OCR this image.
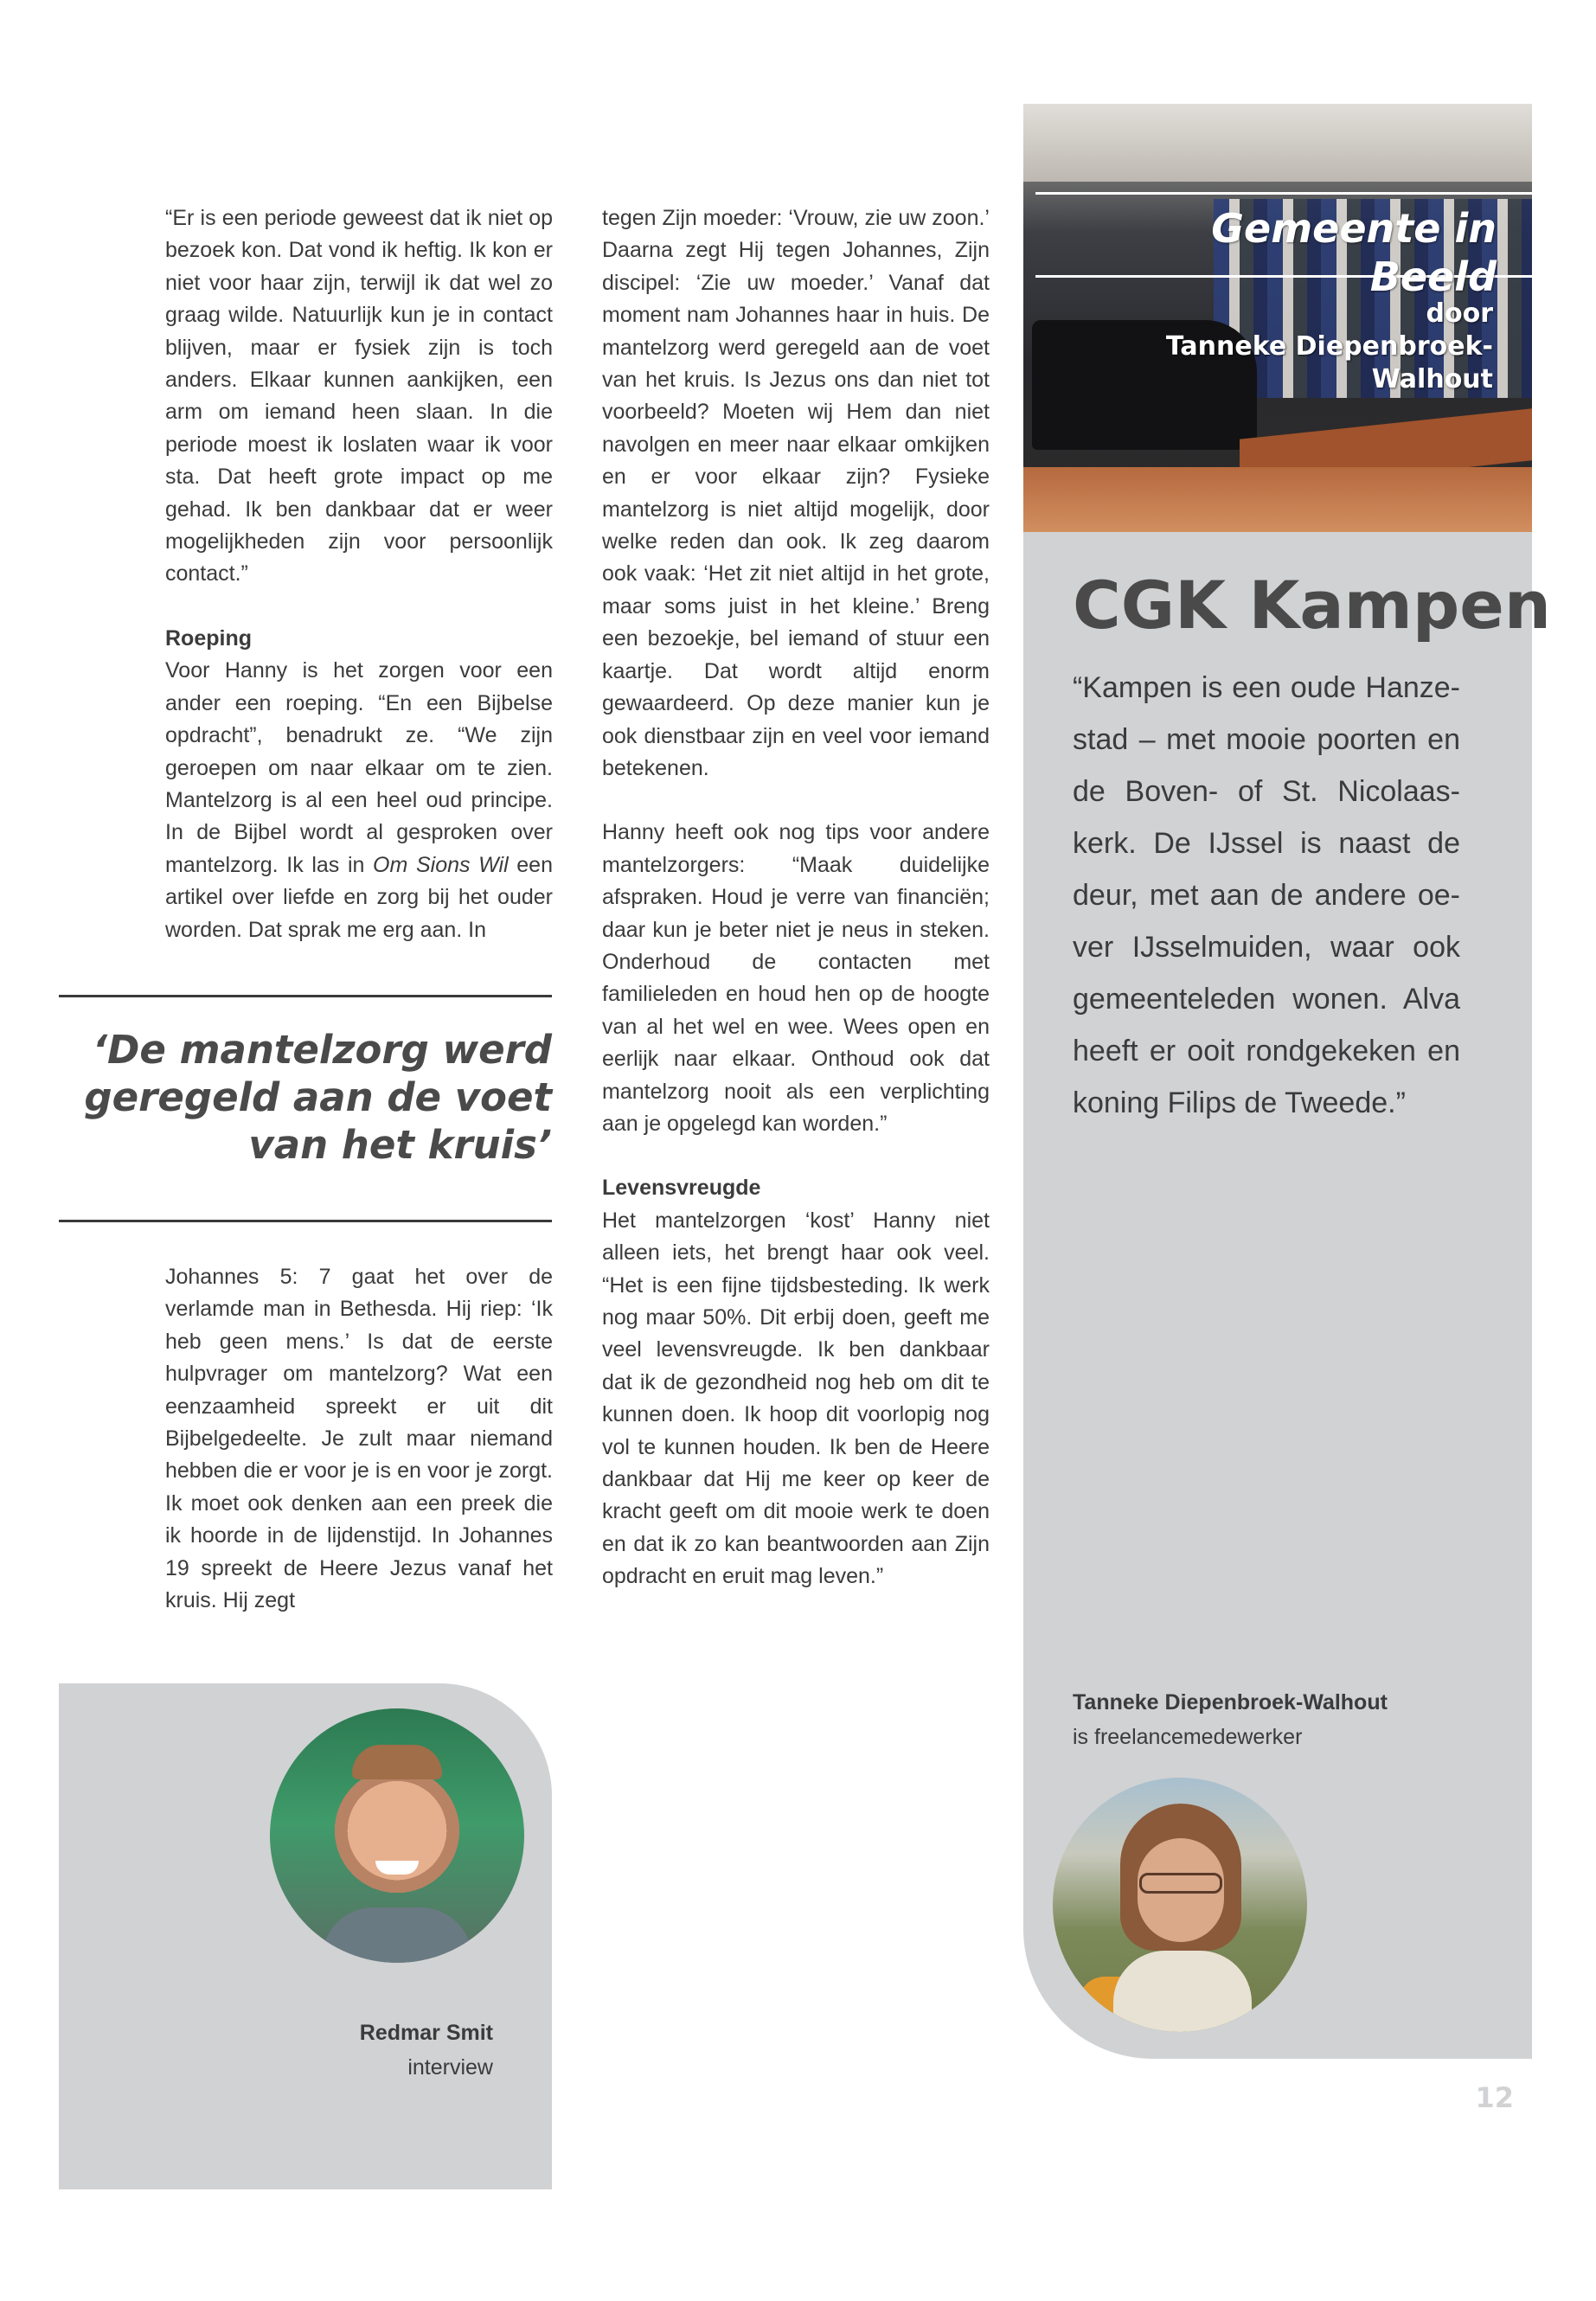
“Er is een periode geweest dat ik niet op bezoek kon. Dat vond ik heftig. Ik kon er niet voor haar zijn, terwijl ik dat wel zo graag wilde. Natuurlijk kun je in contact blijven, maar er fysiek zijn is toch anders. Elkaar kunnen aankijken, een arm om iemand heen slaan. In die periode moest ik loslaten waar ik voor sta. Dat heeft grote impact op me gehad. Ik ben dankbaar dat er weer mogelijkheden zijn voor persoonlijk contact.”

Roeping
Voor Hanny is het zorgen voor een ander een roeping. “En een Bijbelse opdracht”, benadrukt ze. “We zijn geroepen om naar elkaar om te zien. Mantelzorg is al een heel oud principe. In de Bijbel wordt al gesproken over mantelzorg. Ik las in Om Sions Wil een artikel over liefde en zorg bij het ouder worden. Dat sprak me erg aan. In

‘De mantelzorg werd geregeld aan de voet van het kruis’

Johannes 5: 7 gaat het over de verlamde man in Bethesda. Hij riep: ‘Ik heb geen mens.’ Is dat de eerste hulpvrager om mantelzorg? Wat een eenzaamheid spreekt er uit dit Bijbelgedeelte. Je zult maar niemand hebben die er voor je is en voor je zorgt. Ik moet ook denken aan een preek die ik hoorde in de lijdenstijd. In Johannes 19 spreekt de Heere Jezus vanaf het kruis. Hij zegt

tegen Zijn moeder: ‘Vrouw, zie uw zoon.’ Daarna zegt Hij tegen Johannes, Zijn discipel: ‘Zie uw moeder.’ Vanaf dat moment nam Johannes haar in huis. De mantelzorg werd geregeld aan de voet van het kruis. Is Jezus ons dan niet tot voorbeeld? Moeten wij Hem dan niet navolgen en meer naar elkaar omkijken en er voor elkaar zijn? Fysieke mantelzorg is niet altijd mogelijk, door welke reden dan ook. Ik zeg daarom ook vaak: ‘Het zit niet altijd in het grote, maar soms juist in het kleine.’ Breng een bezoekje, bel iemand of stuur een kaartje. Dat wordt altijd enorm gewaardeerd. Op deze manier kun je ook dienstbaar zijn en veel voor iemand betekenen.

Hanny heeft ook nog tips voor andere mantelzorgers: “Maak duidelijke afspraken. Houd je verre van financiën; daar kun je beter niet je neus in steken. Onderhoud de contacten met familieleden en houd hen op de hoogte van al het wel en wee. Wees open en eerlijk naar elkaar. Onthoud ook dat mantelzorg nooit als een verplichting aan je opgelegd kan worden.”

Levensvreugde
Het mantelzorgen ‘kost’ Hanny niet alleen iets, het brengt haar ook veel. “Het is een fijne tijdsbesteding. Ik werk nog maar 50%. Dit erbij doen, geeft me veel levensvreugde. Ik ben dankbaar dat ik de gezondheid nog heb om dit te kunnen doen. Ik hoop dit voorlopig nog vol te kunnen houden. Ik ben de Heere dankbaar dat Hij me keer op keer de kracht geeft om dit mooie werk te doen en dat ik zo kan beantwoorden aan Zijn opdracht en eruit mag leven.”

Redmar Smit
interview

Gemeente in Beeld

door
Tanneke Diepenbroek-Walhout
CGK Kampen

“Kampen is een oude Hanze-stad – met mooie poorten en de Boven- of St. Nicolaas-kerk. De IJssel is naast de deur, met aan de andere oe-ver IJsselmuiden, waar ook gemeenteleden wonen. Alva heeft er ooit rondgekeken en koning Filips de Tweede.”

Tanneke Diepenbroek-Walhout
is freelancemedewerker
12
